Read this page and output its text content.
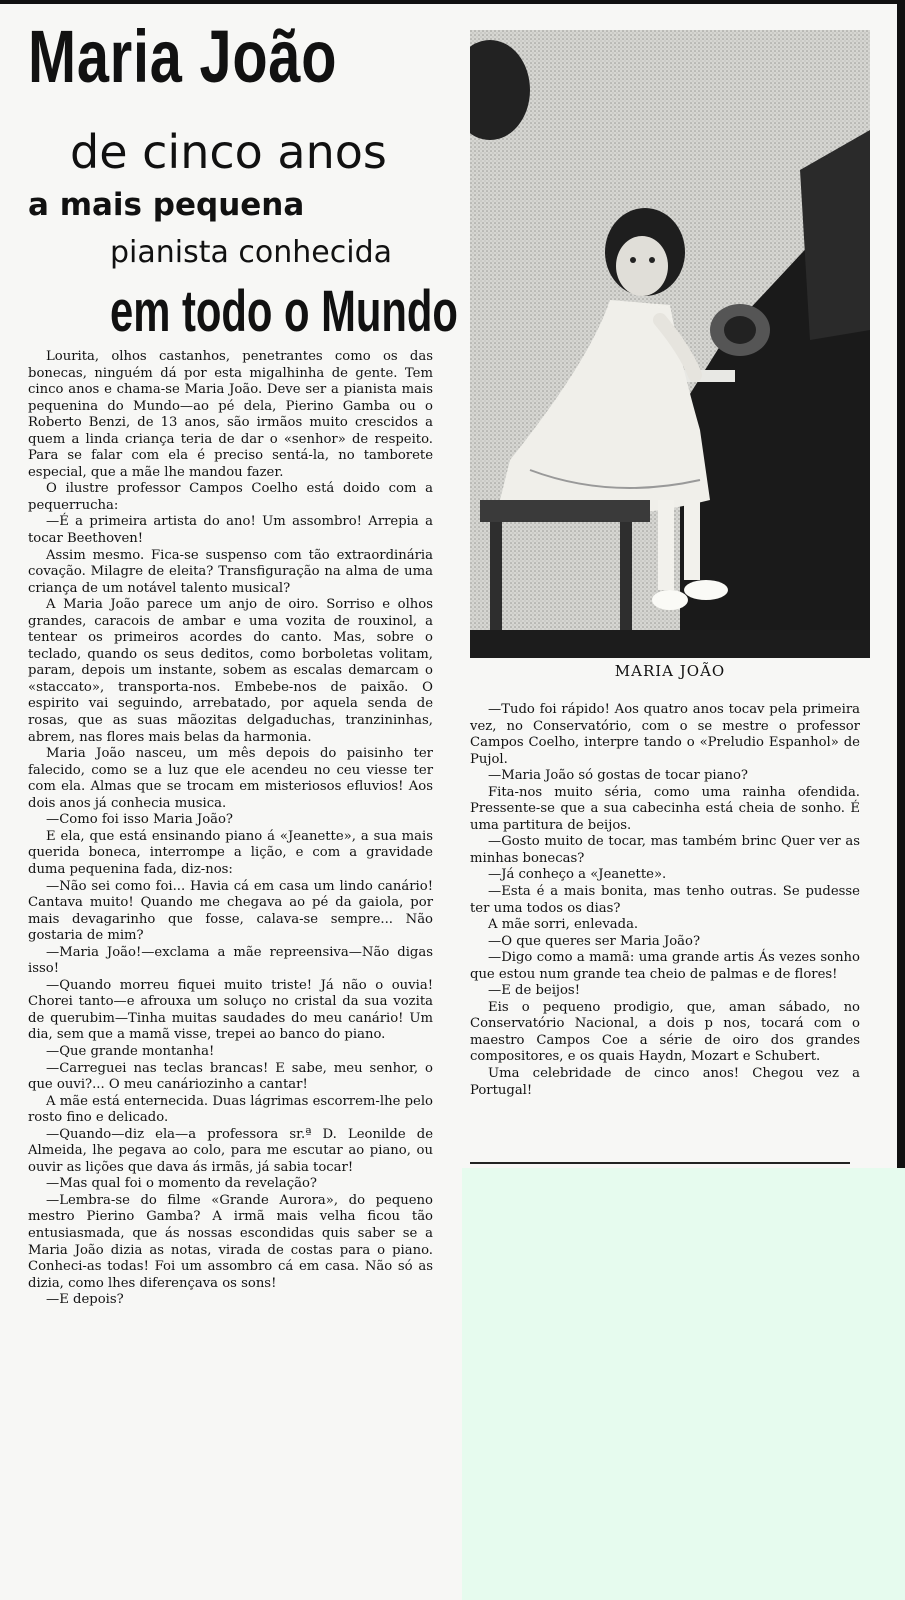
Maria João
de cinco anos
a mais pequena
pianista conhecida
em todo o Mundo

Lourita, olhos castanhos, penetrantes como os das bonecas, ninguém dá por esta migalhinha de gente. Tem cinco anos e chama-se Maria João. Deve ser a pianista mais pequenina do Mundo—ao pé dela, Pierino Gamba ou o Roberto Benzi, de 13 anos, são irmãos muito crescidos a quem a linda criança teria de dar o «senhor» de respeito. Para se falar com ela é preciso sentá-la, no tamborete especial, que a mãe lhe mandou fazer.

O ilustre professor Campos Coelho está doido com a pequerrucha:

—É a primeira artista do ano! Um assombro! Arrepia a tocar Beethoven!

Assim mesmo. Fica-se suspenso com tão extraordinária covação. Milagre de eleita? Transfiguração na alma de uma criança de um notável talento musical?

A Maria João parece um anjo de oiro. Sorriso e olhos grandes, caracois de ambar e uma vozita de rouxinol, a tentear os primeiros acordes do canto. Mas, sobre o teclado, quando os seus deditos, como borboletas volitam, param, depois um instante, sobem as escalas demarcam o «staccato», transporta-nos. Embebe-nos de paixão. O espirito vai seguindo, arrebatado, por aquela senda de rosas, que as suas mãozitas delgaduchas, tranzininhas, abrem, nas flores mais belas da harmonia.

Maria João nasceu, um mês depois do paisinho ter falecido, como se a luz que ele acendeu no ceu viesse ter com ela. Almas que se trocam em misteriosos efluvios! Aos dois anos já conhecia musica.

—Como foi isso Maria João?

E ela, que está ensinando piano á «Jeanette», a sua mais querida boneca, interrompe a lição, e com a gravidade duma pequenina fada, diz-nos:

—Não sei como foi... Havia cá em casa um lindo canário! Cantava muito! Quando me chegava ao pé da gaiola, por mais devagarinho que fosse, calava-se sempre... Não gostaria de mim?

—Maria João!—exclama a mãe repreensiva—Não digas isso!

—Quando morreu fiquei muito triste! Já não o ouvia! Chorei tanto—e afrouxa um soluço no cristal da sua vozita de querubim—Tinha muitas saudades do meu canário! Um dia, sem que a mamã visse, trepei ao banco do piano.

—Que grande montanha!

—Carreguei nas teclas brancas! E sabe, meu senhor, o que ouvi?... O meu canáriozinho a cantar!

A mãe está enternecida. Duas lágrimas escorrem-lhe pelo rosto fino e delicado.

—Quando—diz ela—a professora sr.ª D. Leonilde de Almeida, lhe pegava ao colo, para me escutar ao piano, ou ouvir as lições que dava ás irmãs, já sabia tocar!

—Mas qual foi o momento da revelação?

—Lembra-se do filme «Grande Aurora», do pequeno mestro Pierino Gamba? A irmã mais velha ficou tão entusiasmada, que ás nossas escondidas quis saber se a Maria João dizia as notas, virada de costas para o piano. Conheci-as todas! Foi um assombro cá em casa. Não só as dizia, como lhes diferençava os sons!

—E depois?

MARIA JOÃO

—Tudo foi rápido! Aos quatro anos tocav pela primeira vez, no Conservatório, com o se mestre o professor Campos Coelho, interpre tando o «Preludio Espanhol» de Pujol.

—Maria João só gostas de tocar piano?

Fita-nos muito séria, como uma rainha ofendida. Pressente-se que a sua cabecinha está cheia de sonho. É uma partitura de beijos.

—Gosto muito de tocar, mas também brinc Quer ver as minhas bonecas?

—Já conheço a «Jeanette».

—Esta é a mais bonita, mas tenho outras. Se pudesse ter uma todos os dias?

A mãe sorri, enlevada.

—O que queres ser Maria João?

—Digo como a mamã: uma grande artis Ás vezes sonho que estou num grande tea cheio de palmas e de flores!

—E de beijos!

Eis o pequeno prodigio, que, aman sábado, no Conservatório Nacional, a dois p nos, tocará com o maestro Campos Coe a série de oiro dos grandes compositores, e os quais Haydn, Mozart e Schubert.

Uma celebridade de cinco anos! Chegou vez a Portugal!
